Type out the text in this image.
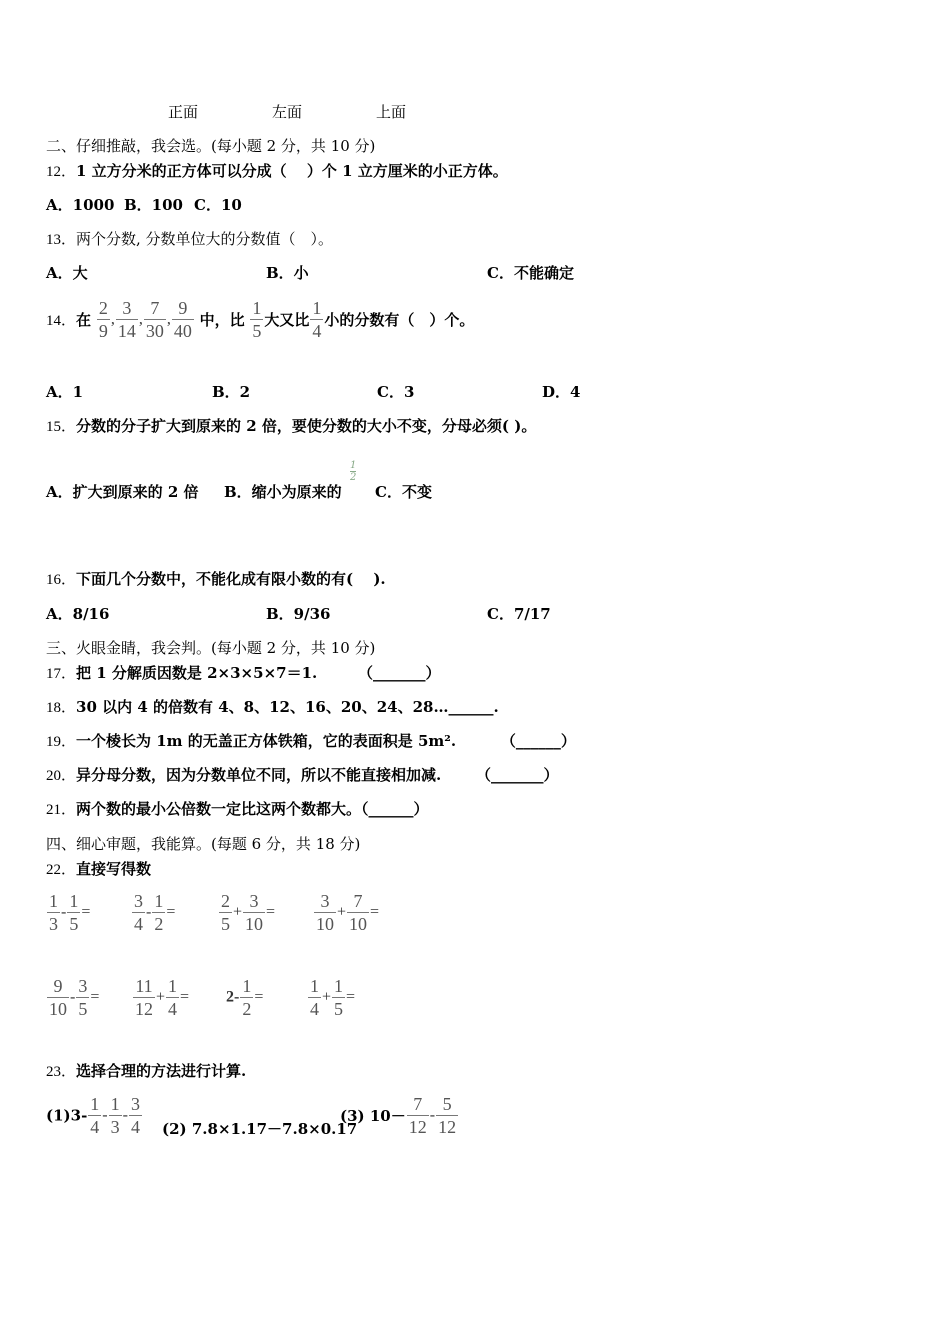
正面	左面	上面
二、仔细推敲，我会选。(每小题 2 分，共 10 分)
12．1 立方分米的正方体可以分成（　 ）个 1 立方厘米的小正方体。
A．1000 B．100 C．10
13．两个分数, 分数单位大的分数值（　）。
A．大	B．小	C．不能确定
14．在 $\frac{2}{9}$ , $\frac{3}{14}$ , $\frac{7}{30}$ , $\frac{9}{40}$ 中，比 $\frac{1}{5}$ 大又比 $\frac{1}{4}$ 小的分数有（　）个。
A．1	B．2	C．3	D．4
15．分数的分子扩大到原来的 2 倍，要使分数的大小不变，分母必须( )。
A．扩大到原来的 2 倍 B．缩小为原来的
1
2
C．不变
16．下面几个分数中，不能化成有限小数的有(　 ).
A．8/16	B．9/36	C．7/17
三、火眼金睛，我会判。(每小题 2 分，共 10 分)
17．把 1 分解质因数是 2×3×5×7＝1.	（_______）
18．30 以内 4 的倍数有 4、8、12、16、20、24、28…______.
19．一个棱长为 1m 的无盖正方体铁箱，它的表面积是 5m².	（______）
20．异分母分数，因为分数单位不同，所以不能直接相加减. （_______）
21．两个数的最小公倍数一定比这两个数都大。（______）
四、细心审题，我能算。(每题 6 分，共 18 分)
22．直接写得数
$\frac{1}{3} - \frac{1}{5} = \frac{3}{4} - \frac{1}{2} = \frac{2}{5} + \frac{3}{10} = \frac{3}{10} + \frac{7}{10}$ =
$\frac{9}{10} - \frac{3}{5} = \frac{11}{12} + \frac{1}{4} = 2- \frac{1}{2} = \frac{1}{4} + \frac{1}{5}$ =
23．选择合理的方法进行计算.
$(1)3- \frac{1}{4} - \frac{1}{3} - \frac{3}{4} (2)$ 7.8×1.17－7.8×0.17
(3) $10- \frac{7}{12} - \frac{5}{12}$
